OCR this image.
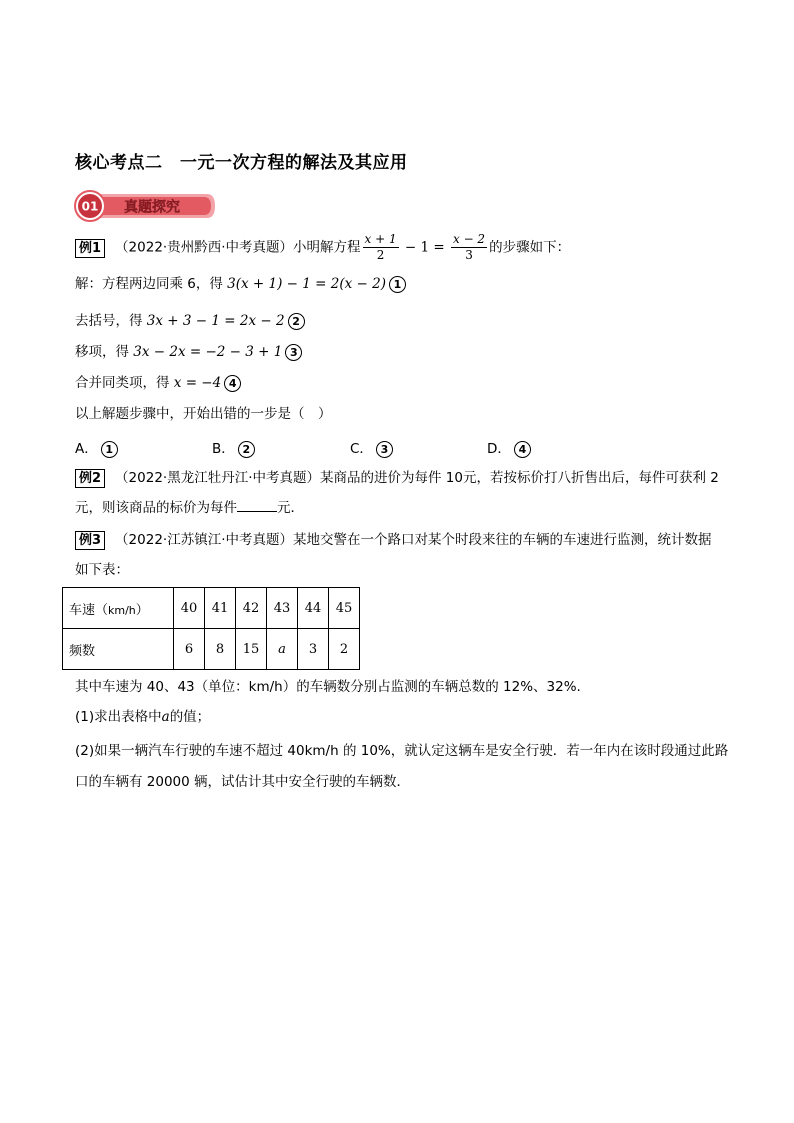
核心考点二　一元一次方程的解法及其应用
01 真题探究
例1 （2022·贵州黔西·中考真题）小明解方程 $\frac{x + 1}{2} - 1 = \frac{x - 2}{3}$ 的步骤如下：
解：方程两边同乘 6，得 3(x + 1) − 1 = 2(x − 2) 1
去括号，得 3x + 3 − 1 = 2x − 2 2
移项，得 3x − 2x = −2 − 3 + 1 3
合并同类项，得 x = −4 4
以上解题步骤中，开始出错的一步是（　）
A． 1	B． 2	C． 3	D． 4
例2 （2022·黑龙江牡丹江·中考真题）某商品的进价为每件 10元，若按标价打八折售出后，每件可获利 2
元，则该商品的标价为每件	元．
例3 （2022·江苏镇江·中考真题）某地交警在一个路口对某个时段来往的车辆的车速进行监测，统计数据
如下表：
车速（km/h）	40	41	42	43	44	45
频数	6	8	15	a	3	2
其中车速为 40、43（单位：km/h）的车辆数分别占监测的车辆总数的 12%、32%.
(1)求出表格中a的值；
(2)如果一辆汽车行驶的车速不超过 40km/h 的 10%，就认定这辆车是安全行驶．若一年内在该时段通过此路
口的车辆有 20000 辆，试估计其中安全行驶的车辆数．
